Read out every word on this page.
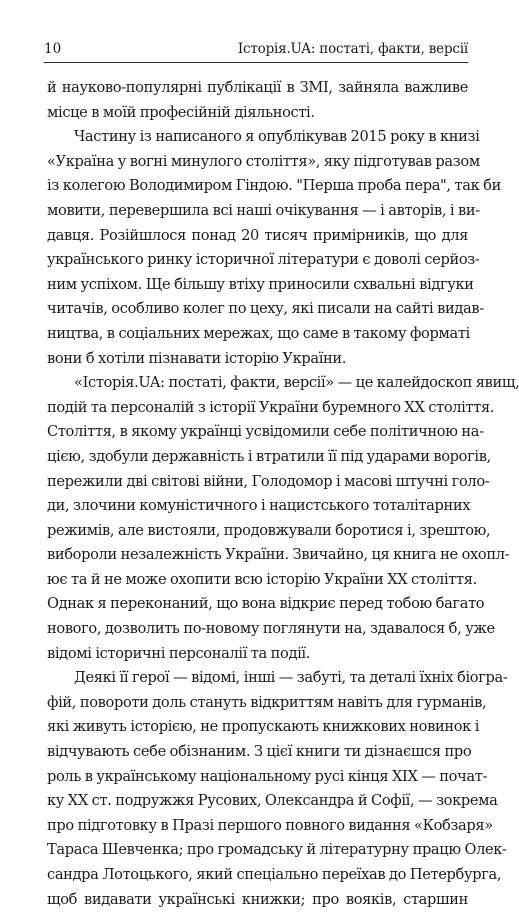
10	Історія.UA: постаті, факти, версії
й науково-популярні публікації в ЗМІ, зайняла важливе
місце в моїй професійній діяльності.
Частину із написаного я опублікував 2015 року в книзі
«Україна у вогні минулого століття», яку підготував разом
із колегою Володимиром Гіндою. "Перша проба пера", так би
мовити, перевершила всі наші очікування — і авторів, і ви-
давця. Розійшлося понад 20 тисяч примірників, що для
українського ринку історичної літератури є доволі серйоз-
ним успіхом. Ще більшу втіху приносили схвальні відгуки
читачів, особливо колег по цеху, які писали на сайті видав-
ництва, в соціальних мережах, що саме в такому форматі
вони б хотіли пізнавати історію України.
«Історія.UA: постаті, факти, версії» — це калейдоскоп явищ,
подій та персоналій з історії України буремного XX століття.
Століття, в якому українці усвідомили себе політичною на-
цією, здобули державність і втратили її під ударами ворогів,
пережили дві світові війни, Голодомор і масові штучні голо-
ди, злочини комуністичного і нацистського тоталітарних
режимів, але вистояли, продовжували боротися і, зрештою,
вибороли незалежність України. Звичайно, ця книга не охопл-
ює та й не може охопити всю історію України XX століття.
Однак я переконаний, що вона відкриє перед тобою багато
нового, дозволить по-новому поглянути на, здавалося б, уже
відомі історичні персоналії та події.
Деякі її герої — відомі, інші — забуті, та деталі їхніх біогра-
фій, повороти доль стануть відкриттям навіть для гурманів,
які живуть історією, не пропускають книжкових новинок і
відчувають себе обізнаним. З цієї книги ти дізнаєшся про
роль в українському національному русі кінця XIX — почат-
ку XX ст. подружжя Русових, Олександра й Софії, — зокрема
про підготовку в Празі першого повного видання «Кобзаря»
Тараса Шевченка; про громадську й літературну працю Олек-
сандра Лотоцького, який спеціально переїхав до Петербурга,
щоб видавати українські книжки; про вояків, старшин
